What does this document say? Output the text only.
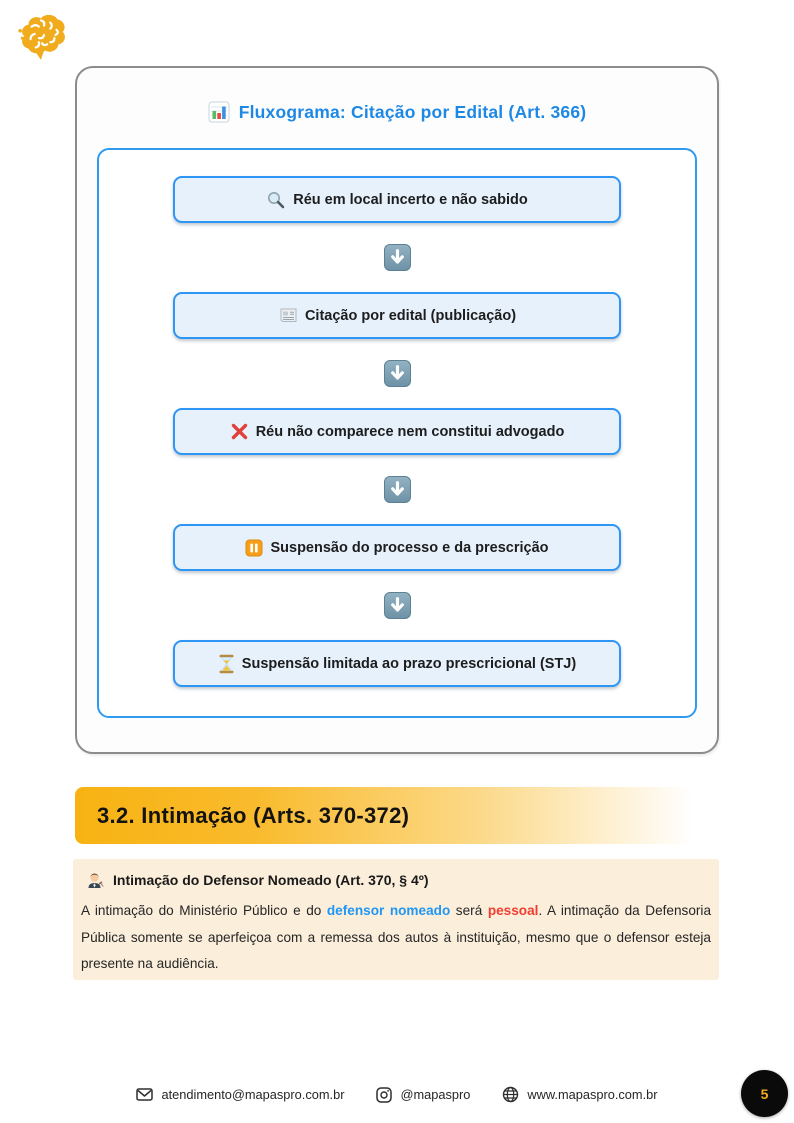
Fluxograma: Citação por Edital (Art. 366)
Réu em local incerto e não sabido
Citação por edital (publicação)
Réu não comparece nem constitui advogado
Suspensão do processo e da prescrição
Suspensão limitada ao prazo prescricional (STJ)
3.2. Intimação (Arts. 370-372)
Intimação do Defensor Nomeado (Art. 370, § 4º)

A intimação do Ministério Público e do defensor nomeado será pessoal. A intimação da Defensoria Pública somente se aperfeiçoa com a remessa dos autos à instituição, mesmo que o defensor esteja presente na audiência.

atendimento@mapaspro.com.br	@mapaspro	www.mapaspro.com.br	5
